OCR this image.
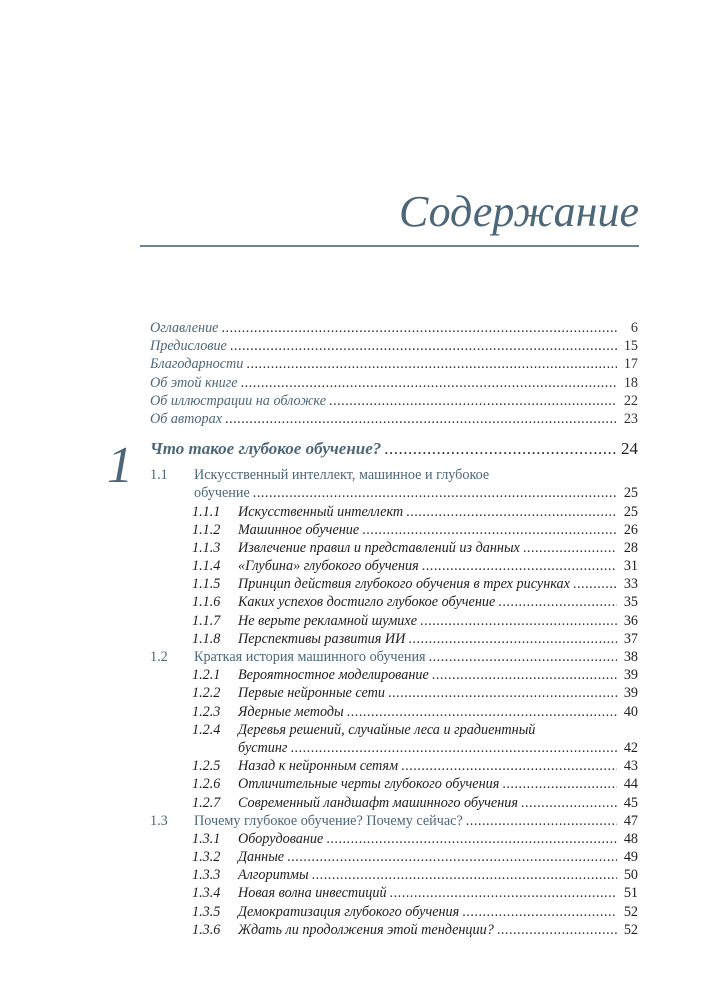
Содержание
Оглавление .....	6
Предисловие .....	15
Благодарности .....	17
Об этой книге .....	18
Об иллюстрации на обложке .....	22
Об авторах .....	23
1 Что такое глубокое обучение? .....	24
1.1	Искусственный интеллект, машинное и глубокое
обучение .....	25
1.1.1	Искусственный интеллект .....	25
1.1.2	Машинное обучение .....	26
1.1.3	Извлечение правил и представлений из данных .....	28
1.1.4	«Глубина» глубокого обучения .....	31
1.1.5	Принцип действия глубокого обучения в трех рисунках .....	33
1.1.6	Каких успехов достигло глубокое обучение .....	35
1.1.7	Не верьте рекламной шумихе .....	36
1.1.8	Перспективы развития ИИ .....	37
1.2	Краткая история машинного обучения .....	38
1.2.1	Вероятностное моделирование .....	39
1.2.2	Первые нейронные сети .....	39
1.2.3	Ядерные методы .....	40
1.2.4	Деревья решений, случайные леса и градиентный
бустинг .....	42
1.2.5	Назад к нейронным сетям .....	43
1.2.6	Отличительные черты глубокого обучения .....	44
1.2.7	Современный ландшафт машинного обучения .....	45
1.3	Почему глубокое обучение? Почему сейчас? .....	47
1.3.1	Оборудование .....	48
1.3.2	Данные .....	49
1.3.3	Алгоритмы .....	50
1.3.4	Новая волна инвестиций .....	51
1.3.5	Демократизация глубокого обучения .....	52
1.3.6	Ждать ли продолжения этой тенденции? .....	52
